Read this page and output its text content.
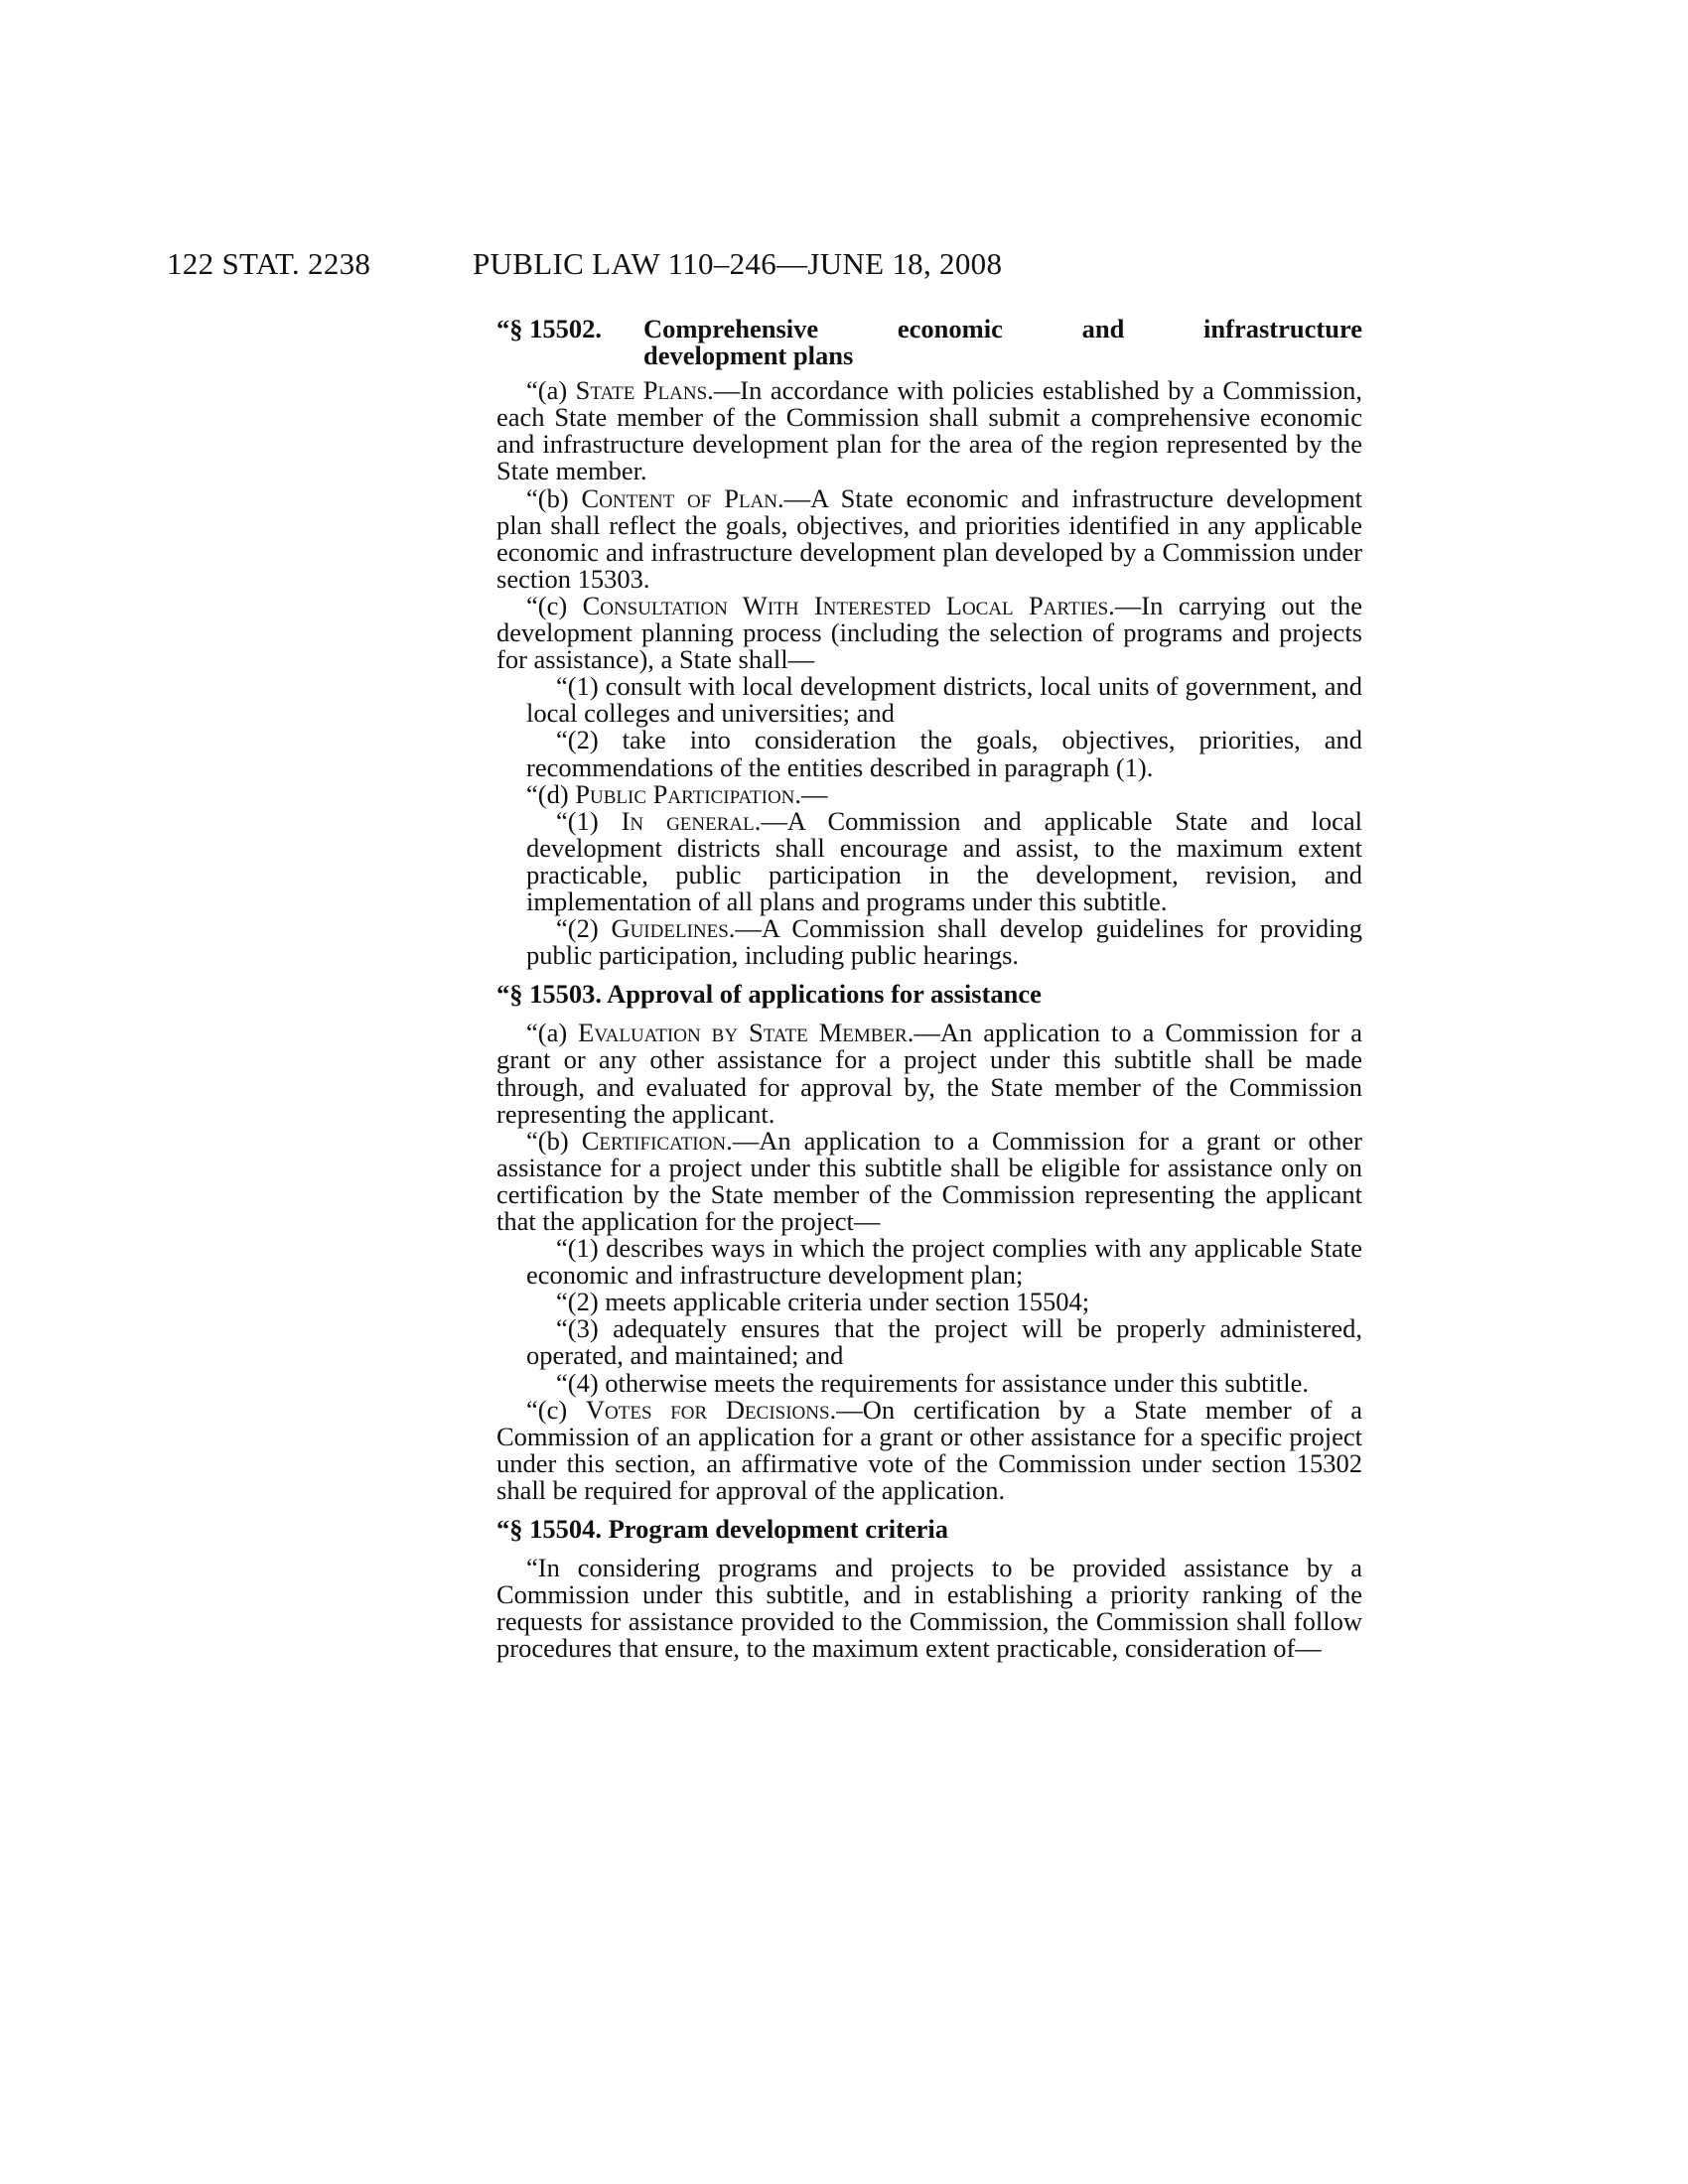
122 STAT. 2238	PUBLIC LAW 110–246—JUNE 18, 2008
“§ 15502.	Comprehensive economic and infrastructure
development plans

“(a) State Plans.—In accordance with policies established by a Commission, each State member of the Commission shall submit a comprehensive economic and infrastructure development plan for the area of the region represented by the State member.

“(b) Content of Plan.—A State economic and infrastructure development plan shall reflect the goals, objectives, and priorities identified in any applicable economic and infrastructure development plan developed by a Commission under section 15303.

“(c) Consultation With Interested Local Parties.—In carrying out the development planning process (including the selection of programs and projects for assistance), a State shall—

“(1) consult with local development districts, local units of government, and local colleges and universities; and

“(2) take into consideration the goals, objectives, priorities, and recommendations of the entities described in paragraph (1).

“(d) Public Participation.—

“(1) In general.—A Commission and applicable State and local development districts shall encourage and assist, to the maximum extent practicable, public participation in the development, revision, and implementation of all plans and programs under this subtitle.

“(2) Guidelines.—A Commission shall develop guidelines for providing public participation, including public hearings.

“§ 15503. Approval of applications for assistance

“(a) Evaluation by State Member.—An application to a Commission for a grant or any other assistance for a project under this subtitle shall be made through, and evaluated for approval by, the State member of the Commission representing the applicant.

“(b) Certification.—An application to a Commission for a grant or other assistance for a project under this subtitle shall be eligible for assistance only on certification by the State member of the Commission representing the applicant that the application for the project—

“(1) describes ways in which the project complies with any applicable State economic and infrastructure development plan;

“(2) meets applicable criteria under section 15504;

“(3) adequately ensures that the project will be properly administered, operated, and maintained; and

“(4) otherwise meets the requirements for assistance under this subtitle.

“(c) Votes for Decisions.—On certification by a State member of a Commission of an application for a grant or other assistance for a specific project under this section, an affirmative vote of the Commission under section 15302 shall be required for approval of the application.

“§ 15504. Program development criteria

“In considering programs and projects to be provided assistance by a Commission under this subtitle, and in establishing a priority ranking of the requests for assistance provided to the Commission, the Commission shall follow procedures that ensure, to the maximum extent practicable, consideration of—
